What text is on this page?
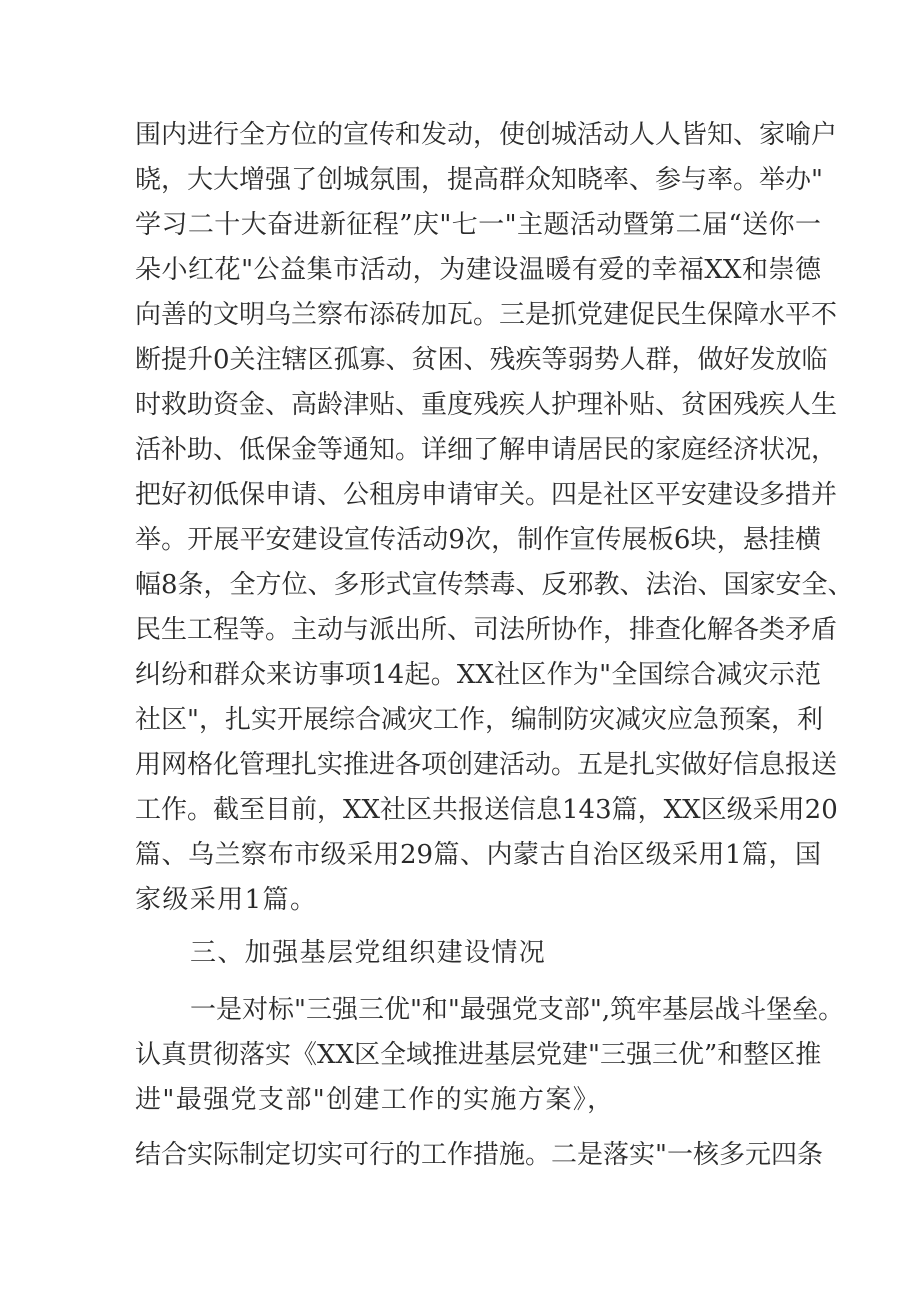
围内进行全方位的宣传和发动，使创城活动人人皆知、家喻户
晓，大大增强了创城氛围，提高群众知晓率、参与率。举办"
学习二十大奋进新征程”庆"七一"主题活动暨第二届“送你一
朵小红花"公益集市活动，为建设温暖有爱的幸福XX和崇德
向善的文明乌兰察布添砖加瓦。三是抓党建促民生保障水平不
断提升0关注辖区孤寡、贫困、残疾等弱势人群，做好发放临
时救助资金、高龄津贴、重度残疾人护理补贴、贫困残疾人生
活补助、低保金等通知。详细了解申请居民的家庭经济状况，
把好初低保申请、公租房申请审关。四是社区平安建设多措并
举。开展平安建设宣传活动9次，制作宣传展板6块，悬挂横
幅8条，全方位、多形式宣传禁毒、反邪教、法治、国家安全、
民生工程等。主动与派出所、司法所协作，排查化解各类矛盾
纠纷和群众来访事项14起。XX社区作为"全国综合减灾示范
社区"，扎实开展综合减灾工作，编制防灾减灾应急预案，利
用网格化管理扎实推进各项创建活动。五是扎实做好信息报送
工作。截至目前，XX社区共报送信息143篇，XX区级采用20
篇、乌兰察布市级采用29篇、内蒙古自治区级采用1篇，国
家级采用1篇。
三、加强基层党组织建设情况
一是对标"三强三优"和"最强党支部",筑牢基层战斗堡垒。
认真贯彻落实《XX区全域推进基层党建"三强三优”和整区推
进"最强党支部"创建工作的实施方案》，
结合实际制定切实可行的工作措施。二是落实"一核多元四条
